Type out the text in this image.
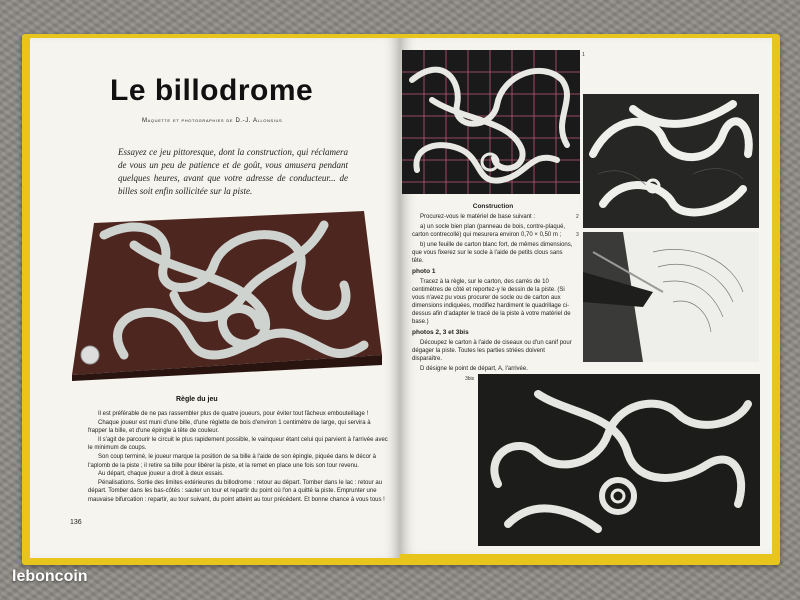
Le billodrome
Maquette et photographies de D.-J. Allonsius

Essayez ce jeu pittoresque, dont la construction, qui réclamera de vous un peu de patience et de goût, vous amusera pendant quelques heures, avant que votre adresse de conducteur... de billes soit enfin sollicitée sur la piste.

Règle du jeu

Il est préférable de ne pas rassembler plus de quatre joueurs, pour éviter tout fâcheux embouteillage !

Chaque joueur est muni d'une bille, d'une réglette de bois d'environ 1 centimètre de large, qui servira à frapper la bille, et d'une épingle à tête de couleur.

Il s'agit de parcourir le circuit le plus rapidement possible, le vainqueur étant celui qui parvient à l'arrivée avec le minimum de coups.

Son coup terminé, le joueur marque la position de sa bille à l'aide de son épingle, piquée dans le décor à l'aplomb de la piste ; il retire sa bille pour libérer la piste, et la remet en place une fois son tour revenu.

Au départ, chaque joueur a droit à deux essais.

Pénalisations. Sortie des limites extérieures du billodrome : retour au départ. Tomber dans le lac : retour au départ. Tomber dans les bas-côtés : sauter un tour et repartir du point où l'on a quitté la piste. Emprunter une mauvaise bifurcation : repartir, au tour suivant, du point atteint au tour précédent. Et bonne chance à vous tous !

136
1
2
3
3bis
Construction

Procurez-vous le matériel de base suivant :

a) un socle bien plan (panneau de bois, contre-plaqué, carton contrecollé) qui mesurera environ 0,70 × 0,50 m ;

b) une feuille de carton blanc fort, de mêmes dimensions, que vous fixerez sur le socle à l'aide de petits clous sans tête.

photo 1

Tracez à la règle, sur le carton, des carrés de 10 centimètres de côté et reportez-y le dessin de la piste. (Si vous n'avez pu vous procurer de socle ou de carton aux dimensions indiquées, modifiez hardiment le quadrillage ci-dessus afin d'adapter le tracé de la piste à votre matériel de base.)

photos 2, 3 et 3bis

Découpez le carton à l'aide de ciseaux ou d'un canif pour dégager la piste. Toutes les parties striées doivent disparaître.

D désigne le point de départ, A, l'arrivée.

leboncoin
